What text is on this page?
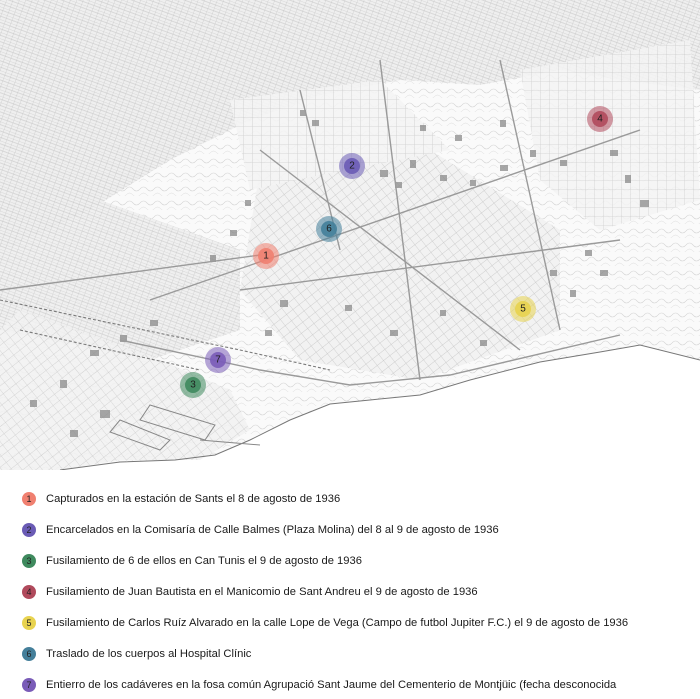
1
2
3
4
5
6
7
1	Capturados en la estación de Sants el 8 de agosto de 1936
2	Encarcelados en la Comisaría de Calle Balmes (Plaza Molina) del 8 al 9 de agosto de 1936
3	Fusilamiento de 6 de ellos en Can Tunis el 9 de agosto de 1936
4	Fusilamiento de Juan Bautista en el Manicomio de Sant Andreu el 9 de agosto de 1936
5	Fusilamiento de Carlos Ruíz Alvarado en la calle Lope de Vega (Campo de futbol Jupiter F.C.) el 9 de agosto de 1936
6	Traslado de los cuerpos al Hospital Clínic
7	Entierro de los cadáveres en la fosa común Agrupació Sant Jaume del Cementerio de Montjüic (fecha desconocida
